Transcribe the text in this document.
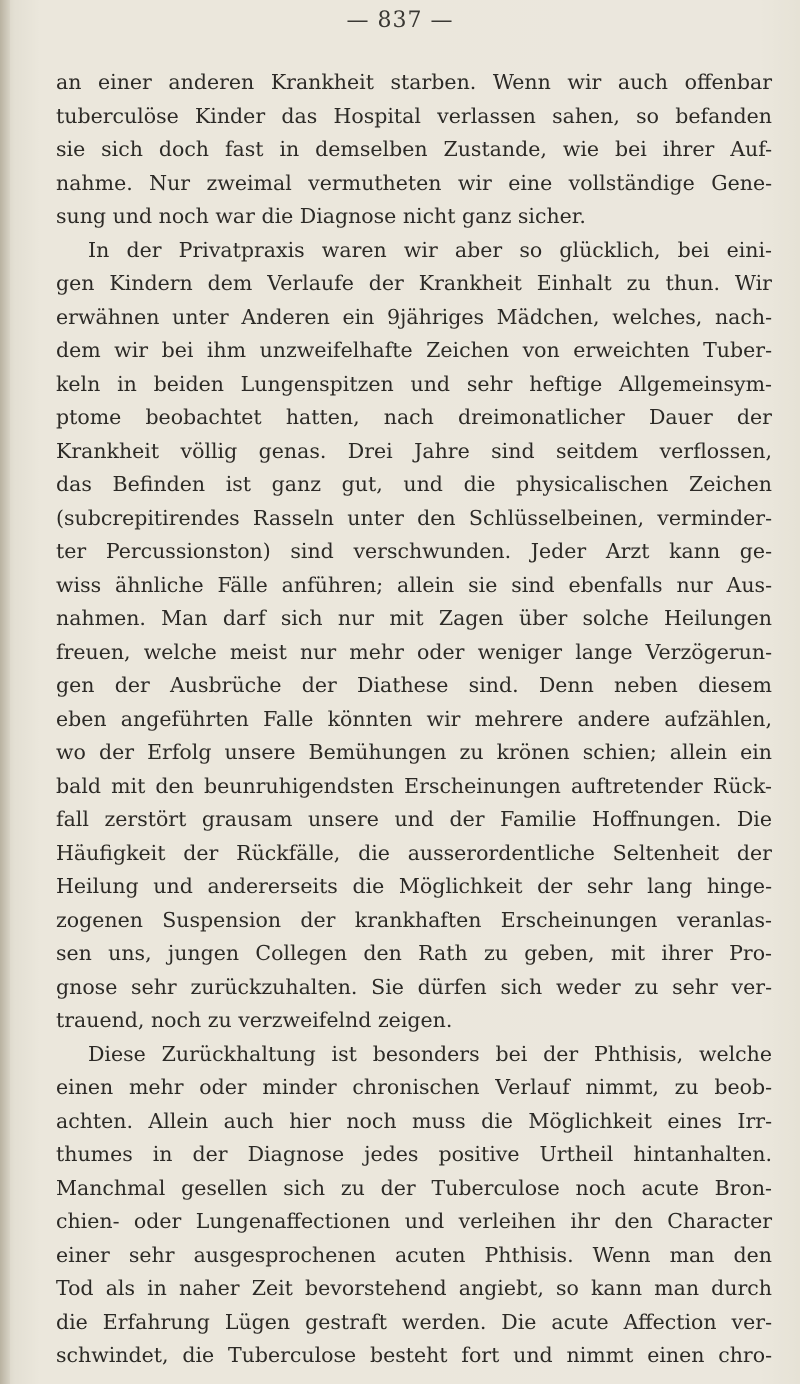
— 837 —
an einer anderen Krankheit starben. Wenn wir auch offenbar
tuberculöse Kinder das Hospital verlassen sahen, so befanden
sie sich doch fast in demselben Zustande, wie bei ihrer Auf-
nahme. Nur zweimal vermutheten wir eine vollständige Gene-
sung und noch war die Diagnose nicht ganz sicher.
In der Privatpraxis waren wir aber so glücklich, bei eini-
gen Kindern dem Verlaufe der Krankheit Einhalt zu thun. Wir
erwähnen unter Anderen ein 9jähriges Mädchen, welches, nach-
dem wir bei ihm unzweifelhafte Zeichen von erweichten Tuber-
keln in beiden Lungenspitzen und sehr heftige Allgemeinsym-
ptome beobachtet hatten, nach dreimonatlicher Dauer der
Krankheit völlig genas. Drei Jahre sind seitdem verflossen,
das Befinden ist ganz gut, und die physicalischen Zeichen
(subcrepitirendes Rasseln unter den Schlüsselbeinen, verminder-
ter Percussionston) sind verschwunden. Jeder Arzt kann ge-
wiss ähnliche Fälle anführen; allein sie sind ebenfalls nur Aus-
nahmen. Man darf sich nur mit Zagen über solche Heilungen
freuen, welche meist nur mehr oder weniger lange Verzögerun-
gen der Ausbrüche der Diathese sind. Denn neben diesem
eben angeführten Falle könnten wir mehrere andere aufzählen,
wo der Erfolg unsere Bemühungen zu krönen schien; allein ein
bald mit den beunruhigendsten Erscheinungen auftretender Rück-
fall zerstört grausam unsere und der Familie Hoffnungen. Die
Häufigkeit der Rückfälle, die ausserordentliche Seltenheit der
Heilung und andererseits die Möglichkeit der sehr lang hinge-
zogenen Suspension der krankhaften Erscheinungen veranlas-
sen uns, jungen Collegen den Rath zu geben, mit ihrer Pro-
gnose sehr zurückzuhalten. Sie dürfen sich weder zu sehr ver-
trauend, noch zu verzweifelnd zeigen.
Diese Zurückhaltung ist besonders bei der Phthisis, welche
einen mehr oder minder chronischen Verlauf nimmt, zu beob-
achten. Allein auch hier noch muss die Möglichkeit eines Irr-
thumes in der Diagnose jedes positive Urtheil hintanhalten.
Manchmal gesellen sich zu der Tuberculose noch acute Bron-
chien- oder Lungenaffectionen und verleihen ihr den Character
einer sehr ausgesprochenen acuten Phthisis. Wenn man den
Tod als in naher Zeit bevorstehend angiebt, so kann man durch
die Erfahrung Lügen gestraft werden. Die acute Affection ver-
schwindet, die Tuberculose besteht fort und nimmt einen chro-
